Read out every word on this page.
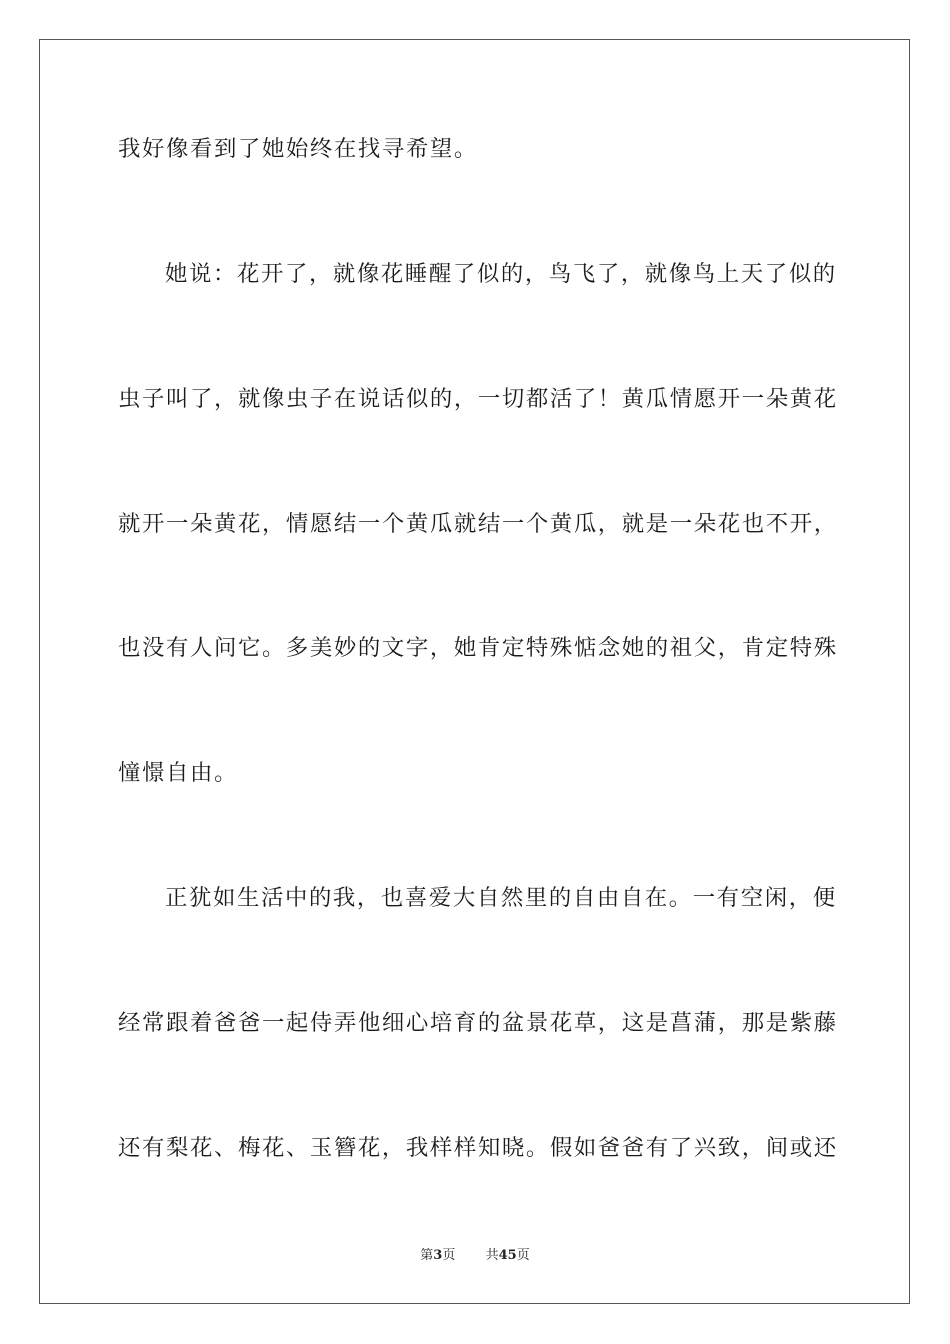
我好像看到了她始终在找寻希望。
她说：花开了，就像花睡醒了似的，鸟飞了，就像鸟上天了似的
虫子叫了，就像虫子在说话似的，一切都活了！黄瓜情愿开一朵黄花
就开一朵黄花，情愿结一个黄瓜就结一个黄瓜，就是一朵花也不开，
也没有人问它。多美妙的文字，她肯定特殊惦念她的祖父，肯定特殊
憧憬自由。
正犹如生活中的我，也喜爱大自然里的自由自在。一有空闲，便
经常跟着爸爸一起侍弄他细心培育的盆景花草，这是菖蒲，那是紫藤
还有梨花、梅花、玉簪花，我样样知晓。假如爸爸有了兴致，间或还
第3页 共45页
